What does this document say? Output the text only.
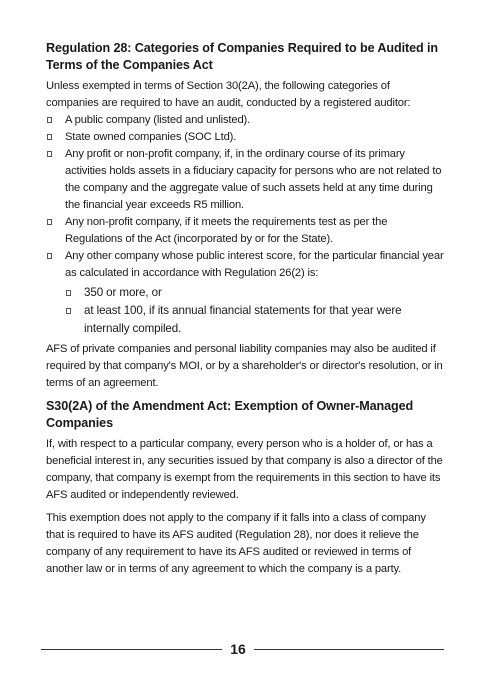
Regulation 28: Categories of Companies Required to be Audited in Terms of the Companies Act
Unless exempted in terms of Section 30(2A), the following categories of companies are required to have an audit, conducted by a registered auditor:
A public company (listed and unlisted).
State owned companies (SOC Ltd).
Any profit or non-profit company, if, in the ordinary course of its primary activities holds assets in a fiduciary capacity for persons who are not related to the company and the aggregate value of such assets held at any time during the financial year exceeds R5 million.
Any non-profit company, if it meets the requirements test as per the Regulations of the Act (incorporated by or for the State).
Any other company whose public interest score, for the particular financial year as calculated in accordance with Regulation 26(2) is:
350 or more, or
at least 100, if its annual financial statements for that year were internally compiled.
AFS of private companies and personal liability companies may also be audited if required by that company's MOI, or by a shareholder's or director's resolution, or in terms of an agreement.
S30(2A) of the Amendment Act: Exemption of Owner-Managed Companies
If, with respect to a particular company, every person who is a holder of, or has a beneficial interest in, any securities issued by that company is also a director of the company, that company is exempt from the requirements in this section to have its AFS audited or independently reviewed.
This exemption does not apply to the company if it falls into a class of company that is required to have its AFS audited (Regulation 28), nor does it relieve the company of any requirement to have its AFS audited or reviewed in terms of another law or in terms of any agreement to which the company is a party.
16
